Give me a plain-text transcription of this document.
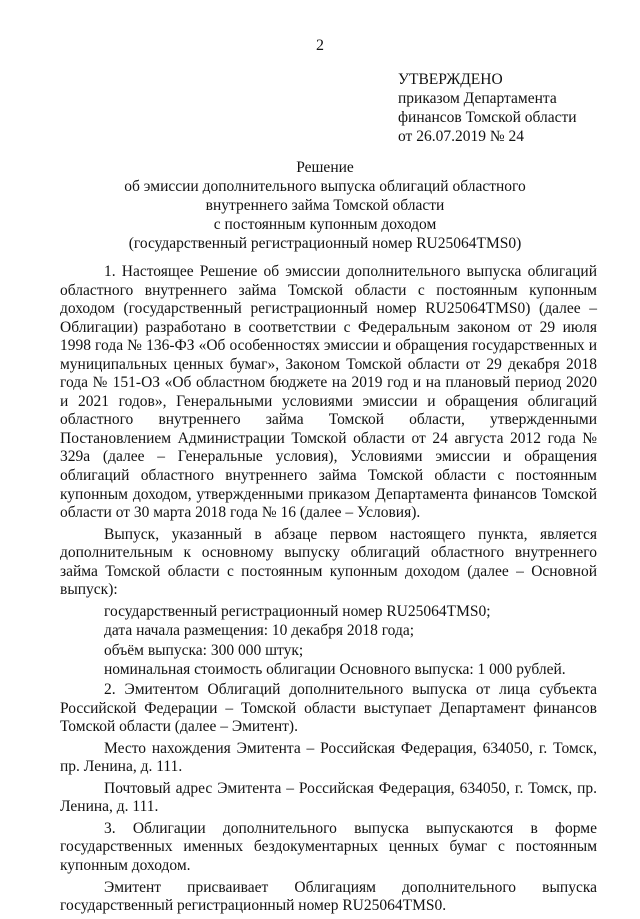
2
УТВЕРЖДЕНО
приказом Департамента
финансов Томской области
от 26.07.2019 № 24
Решение
об эмиссии дополнительного выпуска облигаций областного
внутреннего займа Томской области
с постоянным купонным доходом
(государственный регистрационный номер RU25064TMS0)

1. Настоящее Решение об эмиссии дополнительного выпуска облигаций областного внутреннего займа Томской области с постоянным купонным доходом (государственный регистрационный номер RU25064TMS0) (далее – Облигации) разработано в соответствии с Федеральным законом от 29 июля 1998 года № 136-ФЗ «Об особенностях эмиссии и обращения государственных и муниципальных ценных бумаг», Законом Томской области от 29 декабря 2018 года № 151-ОЗ «Об областном бюджете на 2019 год и на плановый период 2020 и 2021 годов», Генеральными условиями эмиссии и обращения облигаций областного внутреннего займа Томской области, утвержденными Постановлением Администрации Томской области от 24 августа 2012 года № 329а (далее – Генеральные условия), Условиями эмиссии и обращения облигаций областного внутреннего займа Томской области с постоянным купонным доходом, утвержденными приказом Департамента финансов Томской области от 30 марта 2018 года № 16 (далее – Условия).

Выпуск, указанный в абзаце первом настоящего пункта, является дополнительным к основному выпуску облигаций областного внутреннего займа Томской области с постоянным купонным доходом (далее – Основной выпуск):

государственный регистрационный номер RU25064TMS0;

дата начала размещения: 10 декабря 2018 года;

объём выпуска: 300 000 штук;

номинальная стоимость облигации Основного выпуска: 1 000 рублей.

2. Эмитентом Облигаций дополнительного выпуска от лица субъекта Российской Федерации – Томской области выступает Департамент финансов Томской области (далее – Эмитент).

Место нахождения Эмитента – Российская Федерация, 634050, г. Томск, пр. Ленина, д. 111.

Почтовый адрес Эмитента – Российская Федерация, 634050, г. Томск, пр. Ленина, д. 111.

3. Облигации дополнительного выпуска выпускаются в форме государственных именных бездокументарных ценных бумаг с постоянным купонным доходом.

Эмитент присваивает Облигациям дополнительного выпуска государственный регистрационный номер RU25064TMS0.
